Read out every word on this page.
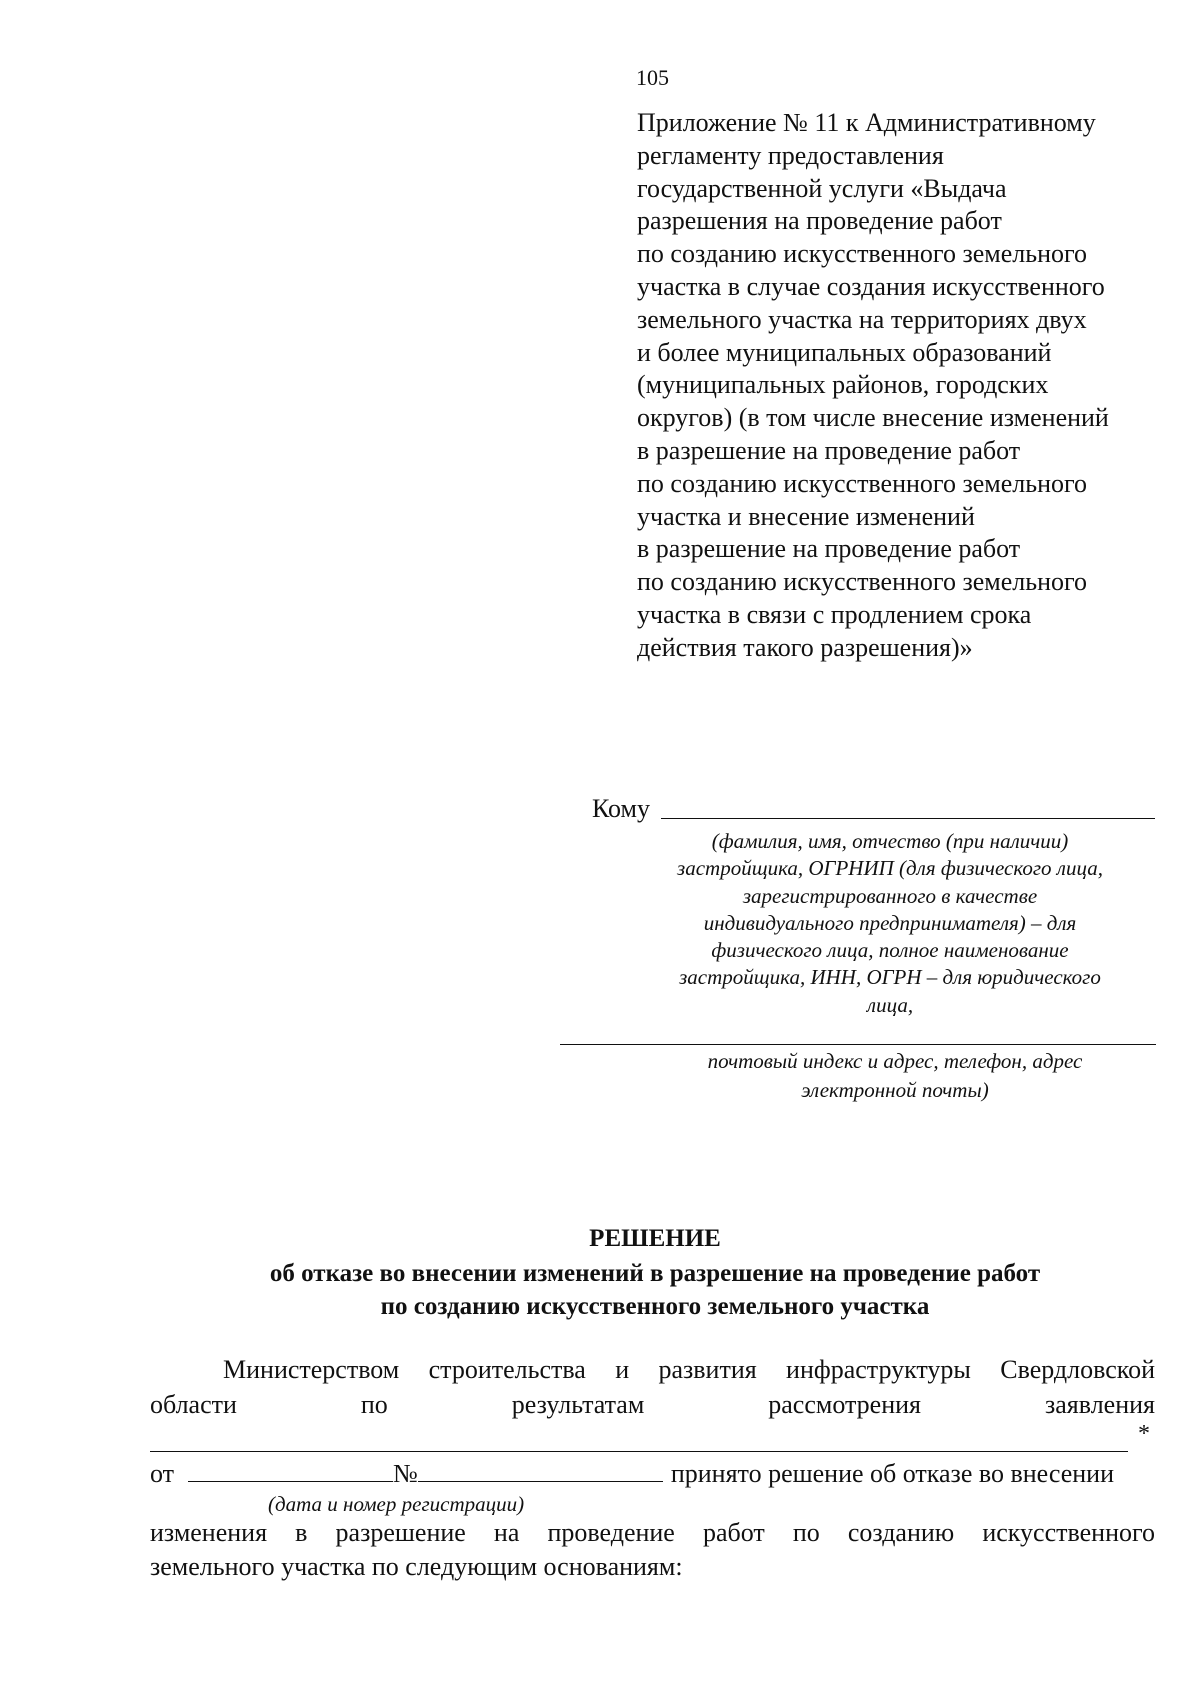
105
Приложение № 11 к Административному
регламенту предоставления
государственной услуги «Выдача
разрешения на проведение работ
по созданию искусственного земельного
участка в случае создания искусственного
земельного участка на территориях двух
и более муниципальных образований
(муниципальных районов, городских
округов) (в том числе внесение изменений
в разрешение на проведение работ
по созданию искусственного земельного
участка и внесение изменений
в разрешение на проведение работ
по созданию искусственного земельного
участка в связи с продлением срока
действия такого разрешения)»
Кому
(фамилия, имя, отчество (при наличии)
застройщика, ОГРНИП (для физического лица,
зарегистрированного в качестве
индивидуального предпринимателя) – для
физического лица, полное наименование
застройщика, ИНН, ОГРН – для юридического
лица,
почтовый индекс и адрес, телефон, адрес
электронной почты)
РЕШЕНИЕ
об отказе во внесении изменений в разрешение на проведение работ
по созданию искусственного земельного участка
Министерством строительства и развития инфраструктуры Свердловской
области	по	результатам	рассмотрения	заявления
*
от	№	принято решение об отказе во внесении
(дата и номер регистрации)
изменения в разрешение на проведение работ по созданию искусственного
земельного участка по следующим основаниям:
